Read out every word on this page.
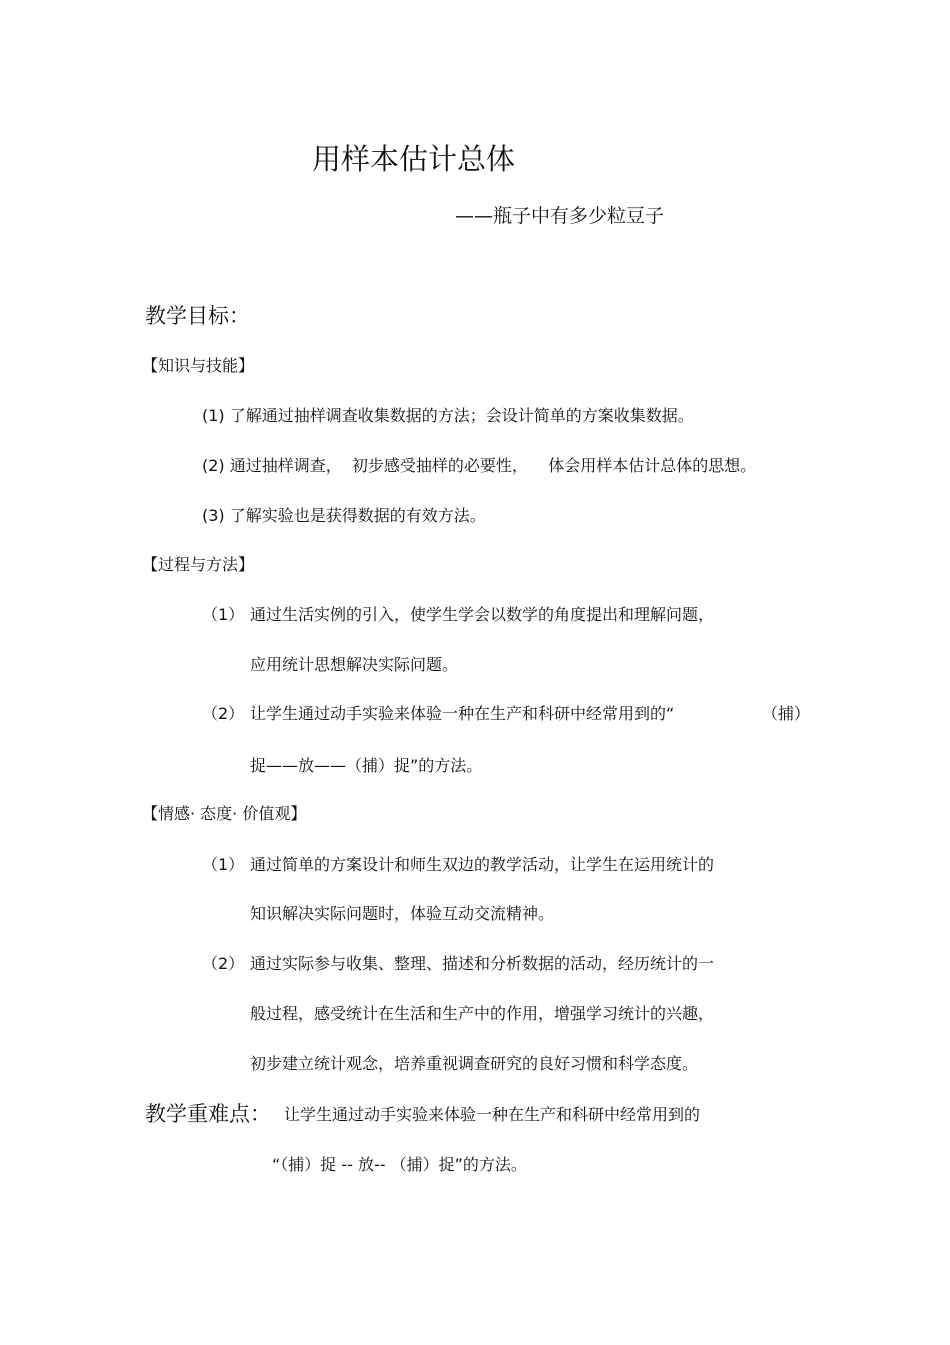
用样本估计总体
——瓶子中有多少粒豆子
教学目标：
【知识与技能】
(1) 了解通过抽样调查收集数据的方法；会设计简单的方案收集数据。
(2) 通过抽样调查，  初步感受抽样的必要性，    体会用样本估计总体的思想。
(3) 了解实验也是获得数据的有效方法。
【过程与方法】
（1） 通过生活实例的引入，使学生学会以数学的角度提出和理解问题，
应用统计思想解决实际问题。
（2） 让学生通过动手实验来体验一种在生产和科研中经常用到的“	（捕）
捉——放——（捕）捉”的方法。
【情感· 态度· 价值观】
（1） 通过简单的方案设计和师生双边的教学活动，让学生在运用统计的
知识解决实际问题时，体验互动交流精神。
（2） 通过实际参与收集、整理、描述和分析数据的活动，经历统计的一
般过程，感受统计在生活和生产中的作用，增强学习统计的兴趣，
初步建立统计观念，培养重视调查研究的良好习惯和科学态度。
教学重难点： 让学生通过动手实验来体验一种在生产和科研中经常用到的
“（捕）捉 -- 放-- （捕）捉”的方法。
